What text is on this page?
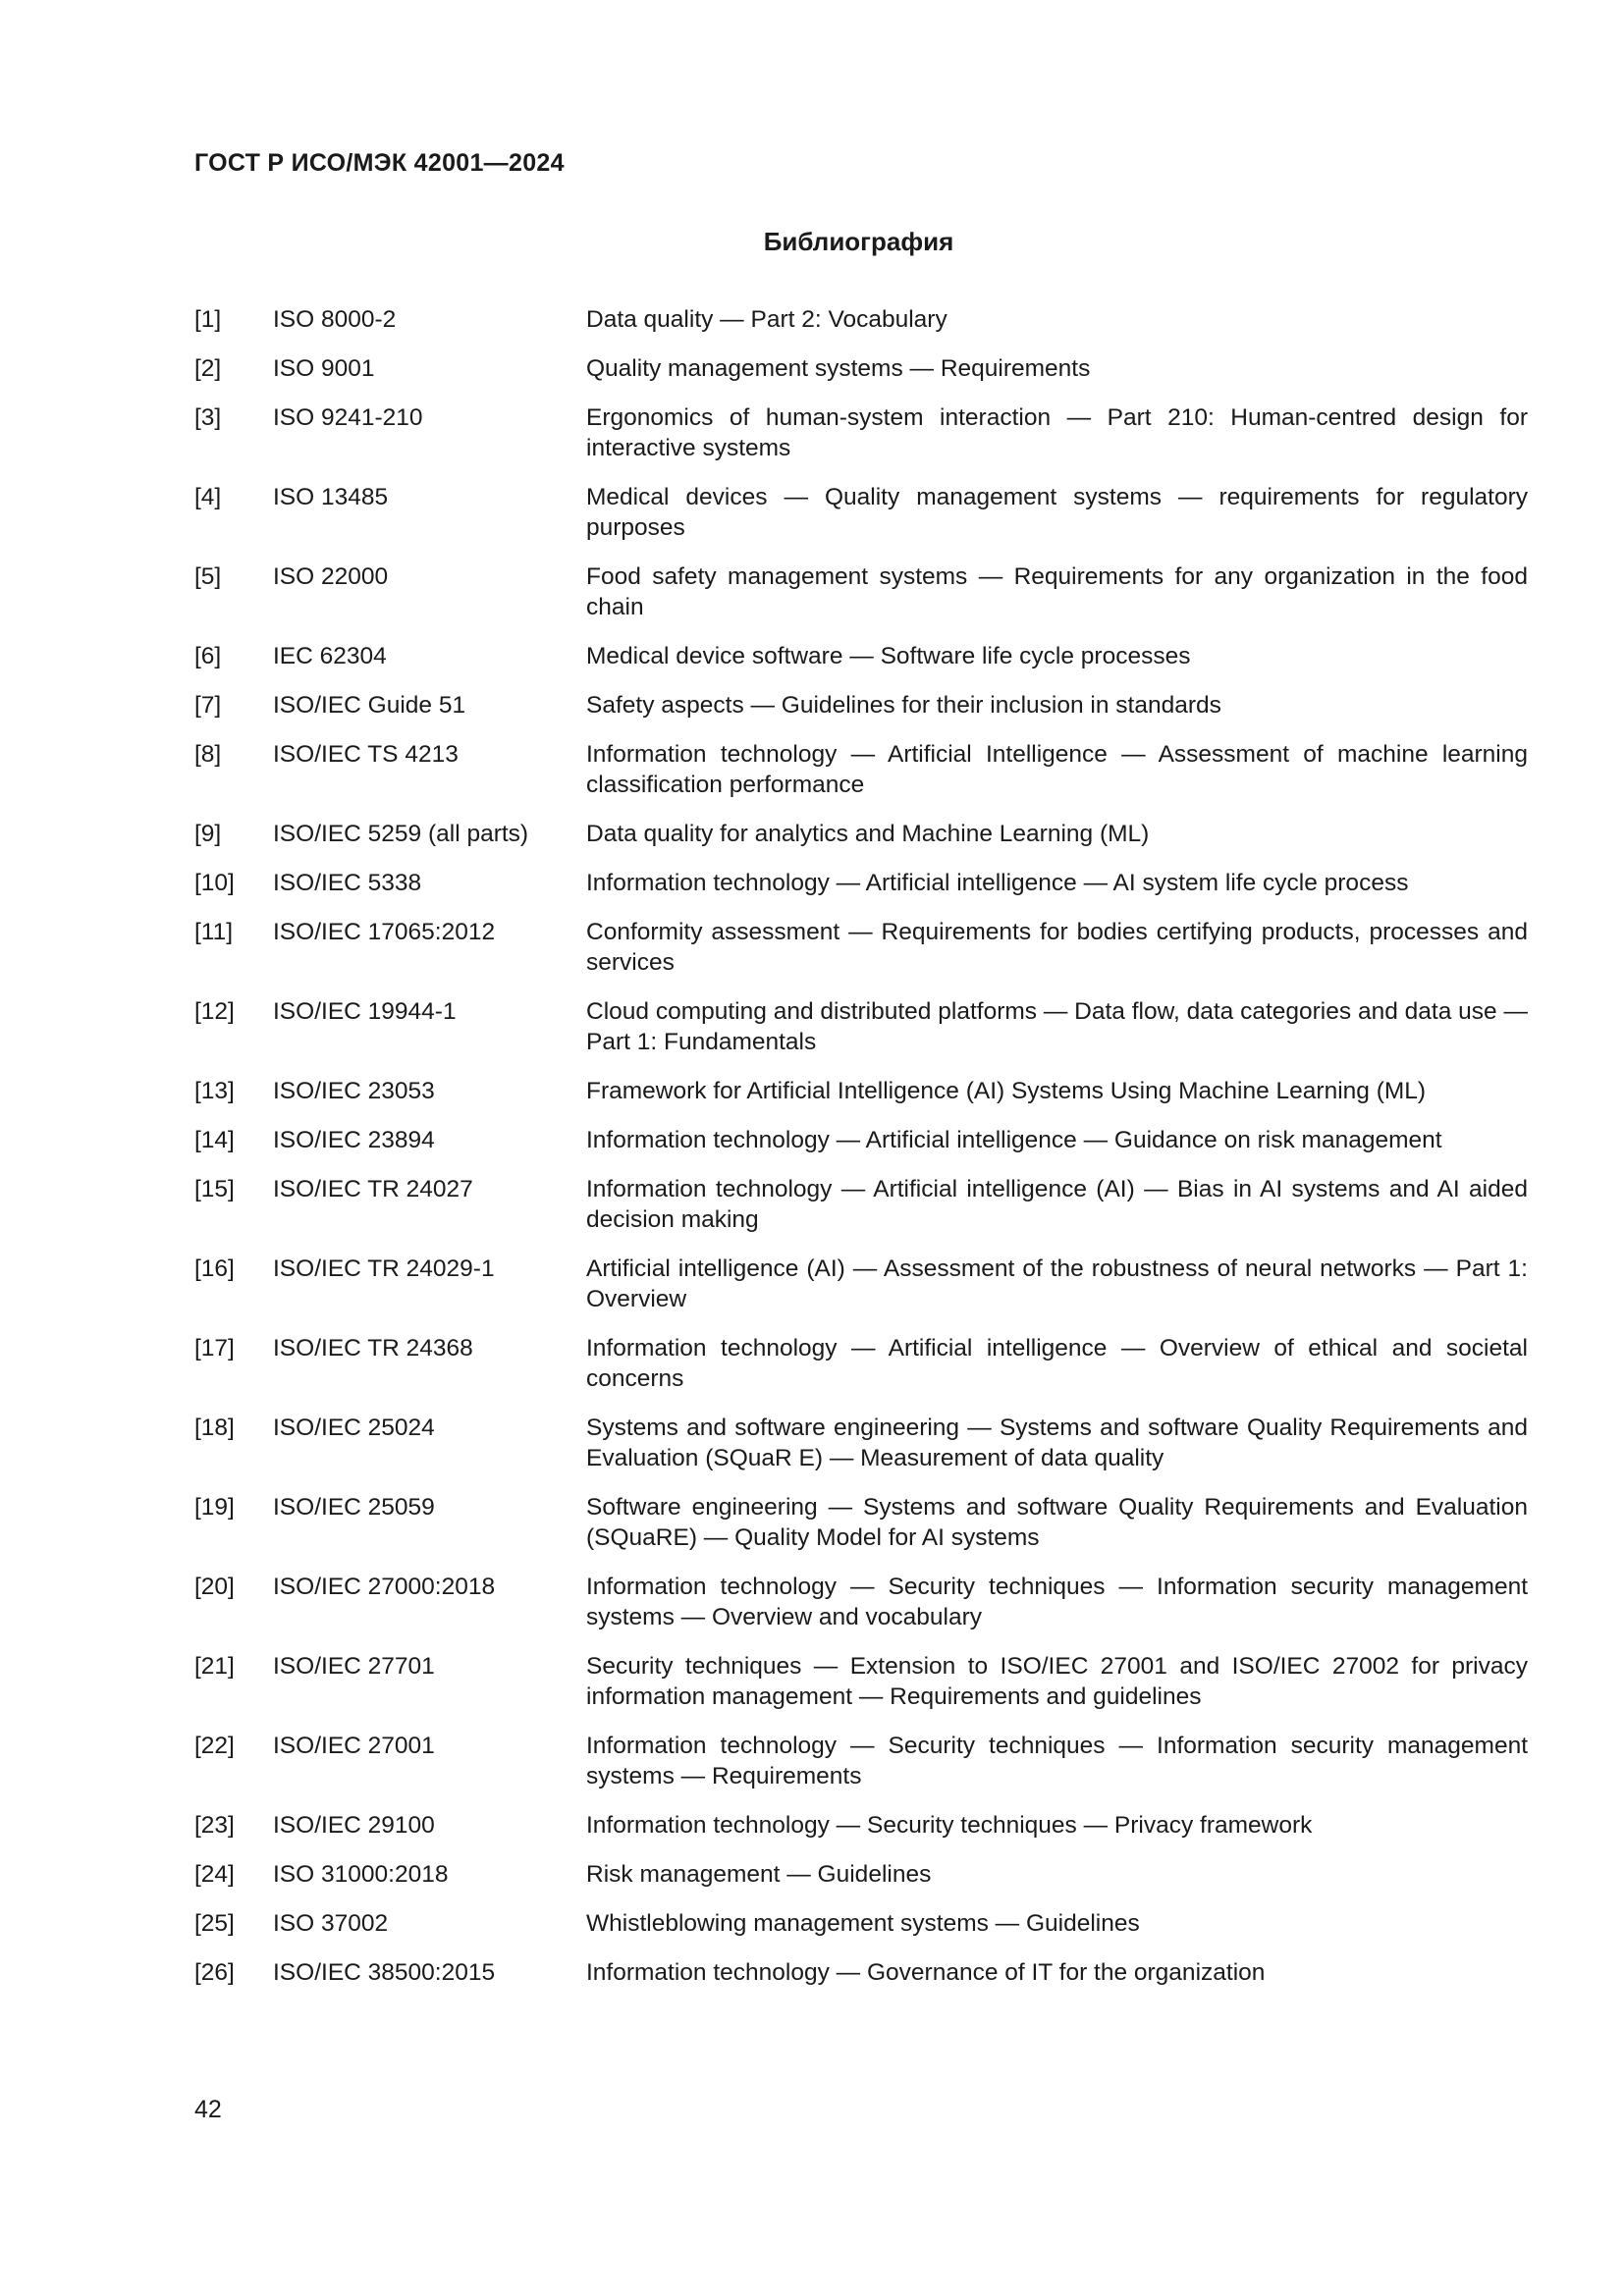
ГОСТ Р ИСО/МЭК 42001—2024
Библиография
[1]	ISO 8000-2	Data quality — Part 2: Vocabulary
[2]	ISO 9001	Quality management systems — Requirements
[3]	ISO 9241-210	Ergonomics of human-system interaction — Part 210: Human-centred design for interactive systems
[4]	ISO 13485	Medical devices — Quality management systems — requirements for regulatory purposes
[5]	ISO 22000	Food safety management systems — Requirements for any organization in the food chain
[6]	IEC 62304	Medical device software — Software life cycle processes
[7]	ISO/IEC Guide 51	Safety aspects — Guidelines for their inclusion in standards
[8]	ISO/IEC TS 4213	Information technology — Artificial Intelligence — Assessment of machine learning classification performance
[9]	ISO/IEC 5259 (all parts)	Data quality for analytics and Machine Learning (ML)
[10]	ISO/IEC 5338	Information technology — Artificial intelligence — AI system life cycle process
[11]	ISO/IEC 17065:2012	Conformity assessment — Requirements for bodies certifying products, processes and services
[12]	ISO/IEC 19944-1	Cloud computing and distributed platforms — Data flow, data categories and data use — Part 1: Fundamentals
[13]	ISO/IEC 23053	Framework for Artificial Intelligence (AI) Systems Using Machine Learning (ML)
[14]	ISO/IEC 23894	Information technology — Artificial intelligence — Guidance on risk management
[15]	ISO/IEC TR 24027	Information technology — Artificial intelligence (AI) — Bias in AI systems and AI aided decision making
[16]	ISO/IEC TR 24029-1	Artificial intelligence (AI) — Assessment of the robustness of neural networks — Part 1: Overview
[17]	ISO/IEC TR 24368	Information technology — Artificial intelligence — Overview of ethical and societal concerns
[18]	ISO/IEC 25024	Systems and software engineering — Systems and software Quality Requirements and Evaluation (SQuaR E) — Measurement of data quality
[19]	ISO/IEC 25059	Software engineering — Systems and software Quality Requirements and Evaluation (SQuaRE) — Quality Model for AI systems
[20]	ISO/IEC 27000:2018	Information technology — Security techniques — Information security management systems — Overview and vocabulary
[21]	ISO/IEC 27701	Security techniques — Extension to ISO/IEC 27001 and ISO/IEC 27002 for privacy information management — Requirements and guidelines
[22]	ISO/IEC 27001	Information technology — Security techniques — Information security management systems — Requirements
[23]	ISO/IEC 29100	Information technology — Security techniques — Privacy framework
[24]	ISO 31000:2018	Risk management — Guidelines
[25]	ISO 37002	Whistleblowing management systems — Guidelines
[26]	ISO/IEC 38500:2015	Information technology — Governance of IT for the organization
42
